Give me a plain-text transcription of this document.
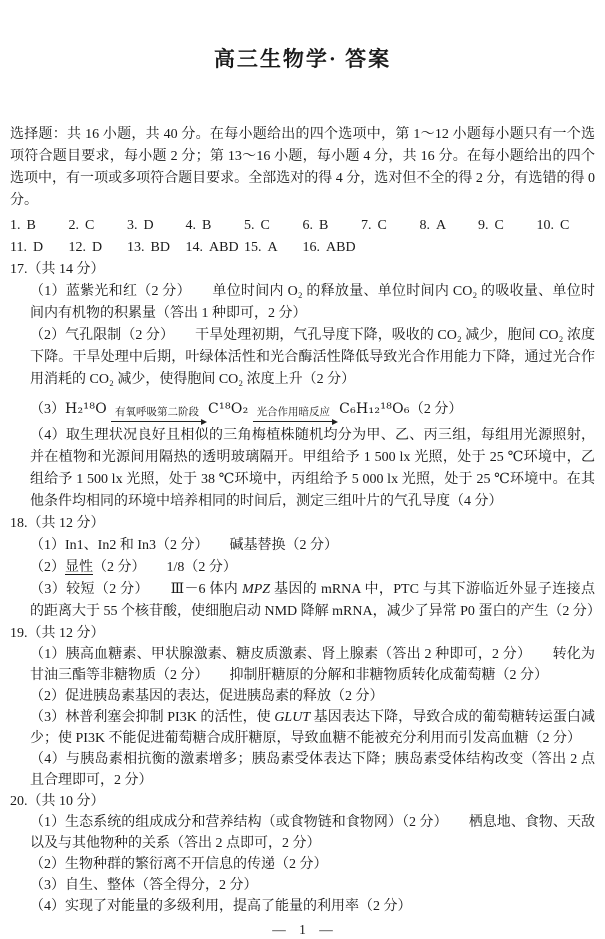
高三生物学· 答案

选择题：共 16 小题，共 40 分。在每小题给出的四个选项中，第 1～12 小题每小题只有一个选项符合题目要求，每小题 2 分；第 13～16 小题，每小题 4 分，共 16 分。在每小题给出的四个选项中，有一项或多项符合题目要求。全部选对的得 4 分，选对但不全的得 2 分，有选错的得 0 分。

1. B	2. C	3. D	4. B	5. C	6. B	7. C	8. A	9. C	10. C
11. D	12. D	13. BD	14. ABD 15. A	16. ABD

17.（共 14 分）

（1）蓝紫光和红（2 分）　　单位时间内 O₂ 的释放量、单位时间内 CO₂ 的吸收量、单位时间内有机物的积累量（答出 1 种即可，2 分）

（2）气孔限制（2 分）　　干旱处理初期，气孔导度下降，吸收的 CO₂ 减少，胞间 CO₂ 浓度下降。干旱处理中后期，叶绿体活性和光合酶活性降低导致光合作用能力下降，通过光合作用消耗的 CO₂ 减少，使得胞间 CO₂ 浓度上升（2 分）

（3）H₂¹⁸O 有氧呼吸第二阶段 C¹⁸O₂ 光合作用暗反应 C₆H₁₂¹⁸O₆（2 分）

（4）取生理状况良好且相似的三角梅植株随机均分为甲、乙、丙三组，每组用光源照射，并在植物和光源间用隔热的透明玻璃隔开。甲组给予 1 500 lx 光照，处于 25 ℃环境中，乙组给予 1 500 lx 光照，处于 38 ℃环境中，丙组给予 5 000 lx 光照，处于 25 ℃环境中。在其他条件均相同的环境中培养相同的时间后，测定三组叶片的气孔导度（4 分）

18.（共 12 分）

（1）In1、In2 和 In3（2 分）　　碱基替换（2 分）

（2）显性（2 分）　　1/8（2 分）

（3）较短（2 分）　　Ⅲ－6 体内 MPZ 基因的 mRNA 中，PTC 与其下游临近外显子连接点的距离大于 55 个核苷酸，使细胞启动 NMD 降解 mRNA，减少了异常 P0 蛋白的产生（2 分）

19.（共 12 分）

（1）胰高血糖素、甲状腺激素、糖皮质激素、肾上腺素（答出 2 种即可，2 分）　　转化为甘油三酯等非糖物质（2 分）　　抑制肝糖原的分解和非糖物质转化成葡萄糖（2 分）

（2）促进胰岛素基因的表达，促进胰岛素的释放（2 分）

（3）林普利塞会抑制 PI3K 的活性，使 GLUT 基因表达下降，导致合成的葡萄糖转运蛋白减少；使 PI3K 不能促进葡萄糖合成肝糖原，导致血糖不能被充分利用而引发高血糖（2 分）

（4）与胰岛素相抗衡的激素增多；胰岛素受体表达下降；胰岛素受体结构改变（答出 2 点且合理即可，2 分）

20.（共 10 分）

（1）生态系统的组成成分和营养结构（或食物链和食物网）（2 分）　　栖息地、食物、天敌以及与其他物种的关系（答出 2 点即可，2 分）

（2）生物种群的繁衍离不开信息的传递（2 分）

（3）自生、整体（答全得分，2 分）

（4）实现了对能量的多级利用，提高了能量的利用率（2 分）

— 1 —
